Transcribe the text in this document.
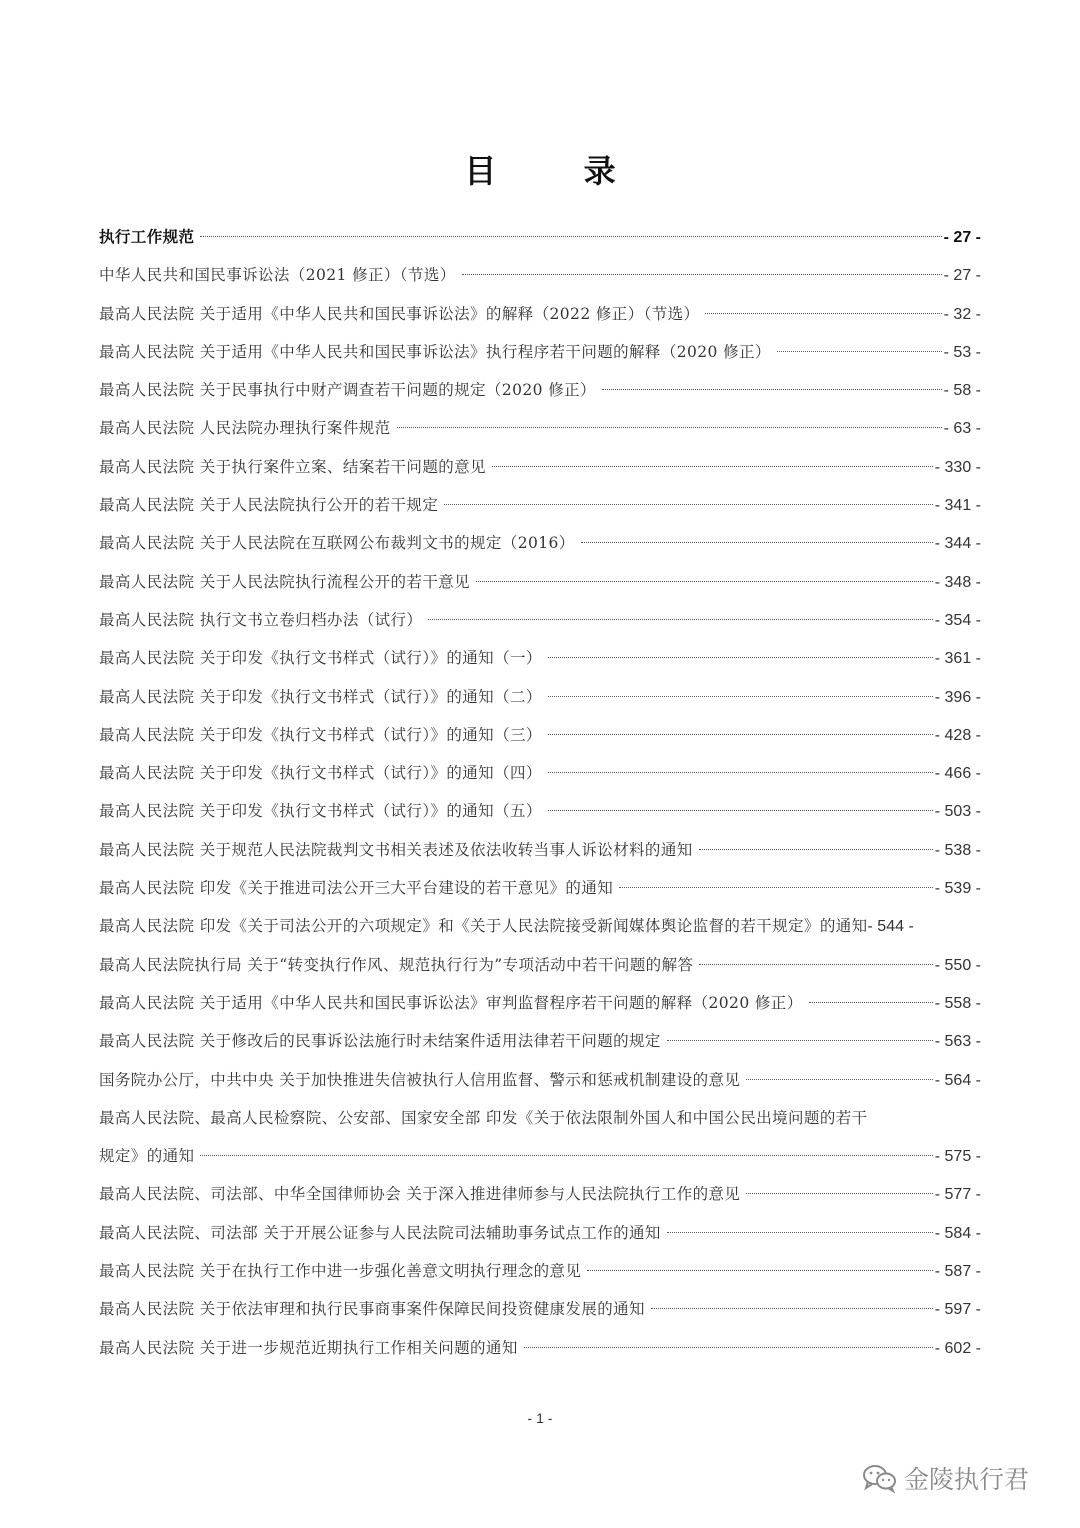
目 录
执行工作规范	- 27 -
中华人民共和国民事诉讼法（2021 修正）（节选）	- 27 -
最高人民法院 关于适用《中华人民共和国民事诉讼法》的解释（2022 修正）（节选）	- 32 -
最高人民法院 关于适用《中华人民共和国民事诉讼法》执行程序若干问题的解释（2020 修正）	- 53 -
最高人民法院 关于民事执行中财产调查若干问题的规定（2020 修正）	- 58 -
最高人民法院 人民法院办理执行案件规范	- 63 -
最高人民法院 关于执行案件立案、结案若干问题的意见	- 330 -
最高人民法院 关于人民法院执行公开的若干规定	- 341 -
最高人民法院 关于人民法院在互联网公布裁判文书的规定（2016）	- 344 -
最高人民法院 关于人民法院执行流程公开的若干意见	- 348 -
最高人民法院 执行文书立卷归档办法（试行）	- 354 -
最高人民法院 关于印发《执行文书样式（试行）》的通知（一）	- 361 -
最高人民法院 关于印发《执行文书样式（试行）》的通知（二）	- 396 -
最高人民法院 关于印发《执行文书样式（试行）》的通知（三）	- 428 -
最高人民法院 关于印发《执行文书样式（试行）》的通知（四）	- 466 -
最高人民法院 关于印发《执行文书样式（试行）》的通知（五）	- 503 -
最高人民法院 关于规范人民法院裁判文书相关表述及依法收转当事人诉讼材料的通知	- 538 -
最高人民法院 印发《关于推进司法公开三大平台建设的若干意见》的通知	- 539 -
最高人民法院 印发《关于司法公开的六项规定》和《关于人民法院接受新闻媒体舆论监督的若干规定》的通知 - 544 -
最高人民法院执行局 关于“转变执行作风、规范执行行为”专项活动中若干问题的解答	- 550 -
最高人民法院 关于适用《中华人民共和国民事诉讼法》审判监督程序若干问题的解释（2020 修正）	- 558 -
最高人民法院 关于修改后的民事诉讼法施行时未结案件适用法律若干问题的规定	- 563 -
国务院办公厅，中共中央 关于加快推进失信被执行人信用监督、警示和惩戒机制建设的意见	- 564 -
最高人民法院、最高人民检察院、公安部、国家安全部 印发《关于依法限制外国人和中国公民出境问题的若干
规定》的通知	- 575 -
最高人民法院、司法部、中华全国律师协会 关于深入推进律师参与人民法院执行工作的意见	- 577 -
最高人民法院、司法部 关于开展公证参与人民法院司法辅助事务试点工作的通知	- 584 -
最高人民法院 关于在执行工作中进一步强化善意文明执行理念的意见	- 587 -
最高人民法院 关于依法审理和执行民事商事案件保障民间投资健康发展的通知	- 597 -
最高人民法院 关于进一步规范近期执行工作相关问题的通知	- 602 -
- 1 -
金陵执行君
